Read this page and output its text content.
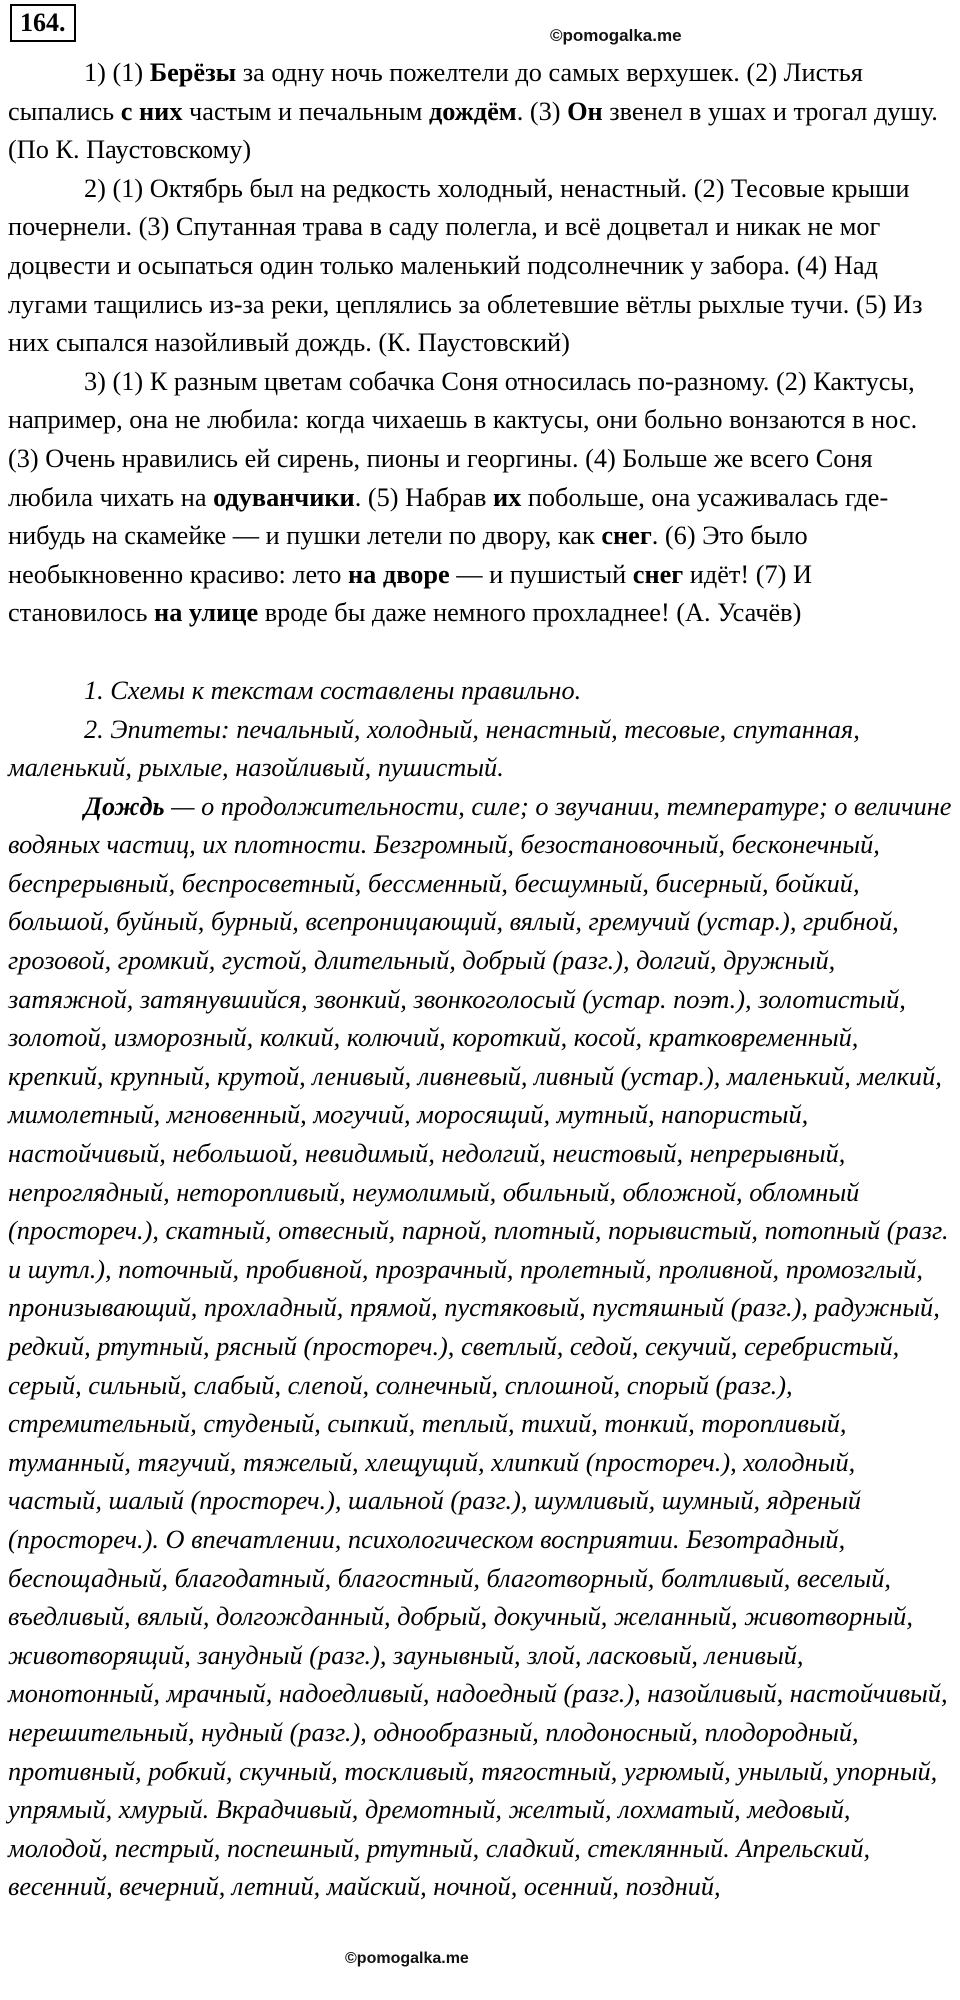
164.	©pomogalka.me

1) (1) Берёзы за одну ночь пожелтели до самых верхушек. (2) Листья сыпались с них частым и печальным дождём. (3) Он звенел в ушах и трогал душу. (По К. Паустовскому)

2) (1) Октябрь был на редкость холодный, ненастный. (2) Тесовые крыши почернели. (3) Спутанная трава в саду полегла, и всё доцветал и никак не мог доцвести и осыпаться один только маленький подсолнечник у забора. (4) Над лугами тащились из-за реки, цеплялись за облетевшие вётлы рыхлые тучи. (5) Из них сыпался назойливый дождь. (К. Паустовский)

3) (1) К разным цветам собачка Соня относилась по-разному. (2) Кактусы, например, она не любила: когда чихаешь в кактусы, они больно вонзаются в нос. (3) Очень нравились ей сирень, пионы и георгины. (4) Больше же всего Соня любила чихать на одуванчики. (5) Набрав их побольше, она усаживалась где-нибудь на скамейке — и пушки летели по двору, как снег. (6) Это было необыкновенно красиво: лето на дворе — и пушистый снег идёт! (7) И становилось на улице вроде бы даже немного прохладнее! (А. Усачёв)

1. Схемы к текстам составлены правильно.

2. Эпитеты: печальный, холодный, ненастный, тесовые, спутанная, маленький, рыхлые, назойливый, пушистый.

Дождь — о продолжительности, силе; о звучании, температуре; о величине водяных частиц, их плотности. Безгромный, безостановочный, бесконечный, беспрерывный, беспросветный, бессменный, бесшумный, бисерный, бойкий, большой, буйный, бурный, всепроницающий, вялый, гремучий (устар.), грибной, грозовой, громкий, густой, длительный, добрый (разг.), долгий, дружный, затяжной, затянувшийся, звонкий, звонкоголосый (устар. поэт.), золотистый, золотой, изморозный, колкий, колючий, короткий, косой, кратковременный, крепкий, крупный, крутой, ленивый, ливневый, ливный (устар.), маленький, мелкий, мимолетный, мгновенный, могучий, моросящий, мутный, напористый, настойчивый, небольшой, невидимый, недолгий, неистовый, непрерывный, непроглядный, неторопливый, неумолимый, обильный, обложной, обломный (простореч.), скатный, отвесный, парной, плотный, порывистый, потопный (разг. и шутл.), поточный, пробивной, прозрачный, пролетный, проливной, промозглый, пронизывающий, прохладный, прямой, пустяковый, пустяшный (разг.), радужный, редкий, ртутный, рясный (простореч.), светлый, седой, секучий, серебристый, серый, сильный, слабый, слепой, солнечный, сплошной, спорый (разг.), стремительный, студеный, сыпкий, теплый, тихий, тонкий, торопливый, туманный, тягучий, тяжелый, хлещущий, хлипкий (простореч.), холодный, частый, шалый (простореч.), шальной (разг.), шумливый, шумный, ядреный (простореч.). О впечатлении, психологическом восприятии. Безотрадный, беспощадный, благодатный, благостный, благотворный, болтливый, веселый, въедливый, вялый, долгожданный, добрый, докучный, желанный, животворный, животворящий, занудный (разг.), заунывный, злой, ласковый, ленивый, монотонный, мрачный, надоедливый, надоедный (разг.), назойливый, настойчивый, нерешительный, нудный (разг.), однообразный, плодоносный, плодородный, противный, робкий, скучный, тоскливый, тягостный, угрюмый, унылый, упорный, упрямый, хмурый. Вкрадчивый, дремотный, желтый, лохматый, медовый, молодой, пестрый, поспешный, ртутный, сладкий, стеклянный. Апрельский, весенний, вечерний, летний, майский, ночной, осенний, поздний,

©pomogalka.me
